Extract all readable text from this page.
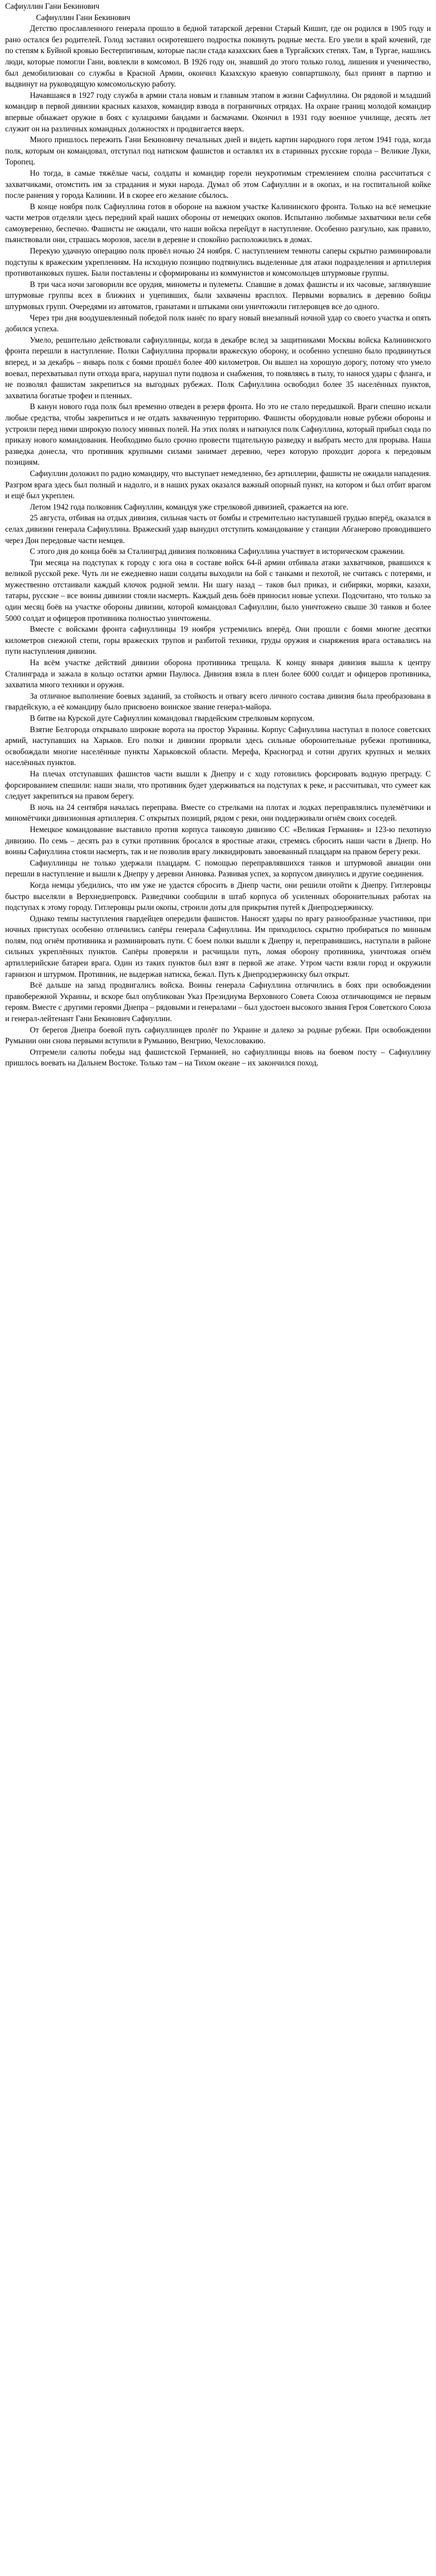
Сафиуллин Гани Бекинович
Сафиуллин Гани Бекинович

Детство прославленного генерала прошло в бедной татарской деревни Старый Кишит, где он родился в 1905 году и рано остался без родителей. Голод заставил осиротевшего подростка покинуть родные места. Его увели в край кочевий, где по степям к Буйной кровью Бестерпигиным, которые пасли стада казахских баев в Тургайских степях. Там, в Тургае, нашлись люди, которые помогли Гани, вовлекли в комсомол. В 1926 году он, знавший до этого только голод, лишения и ученичество, был демобилизован со службы в Красной Армии, окончил Казахскую краевую совпартшколу, был принят в партию и выдвинут на руководящую комсомольскую работу.

Начавшаяся в 1927 году служба в армии стала новым и главным этапом в жизни Сафиуллина. Он рядовой и младший командир в первой дивизии красных казахов, командир взвода в пограничных отрядах. На охране границ молодой командир впервые обнажает оружие в боях с кулацкими бандами и басмачами. Окончил в 1931 году военное училище, десять лет служит он на различных командных должностях и продвигается вверх.

Много пришлось пережить Гани Бекиновичу печальных дней и видеть картин народного горя летом 1941 года, когда полк, которым он командовал, отступал под натиском фашистов и оставлял их в старинных русские города – Великие Луки, Торопец.

Но тогда, в самые тяжёлые часы, солдаты и командир горели неукротимым стремлением сполна рассчитаться с захватчиками, отомстить им за страдания и муки народа. Думал об этом Сафиуллин и в окопах, и на госпитальной койке после ранения у города Калинин. И в скорее его желание сбылось.

В конце ноября полк Сафиуллина готов в обороне на важном участке Калининского фронта. Только на всё немецкие части метров отделяли здесь передний край наших обороны от немецких окопов. Испытанно любимые захватчики вели себя самоуверенно, беспечно. Фашисты не ожидали, что наши войска перейдут в наступление. Особенно разгульно, как правило, пьянствовали они, страшась морозов, засели в деревне и спокойно расположились в домах.

Перекую удачную операцию полк провёл ночью 24 ноября. С наступлением темноты саперы скрытно разминировали подступы к вражеским укреплениям. На исходную позицию подтянулись выделенные для атаки подразделения и артиллерия противотанковых пушек. Были поставлены и сформированы из коммунистов и комсомольцев штурмовые группы.

В три часа ночи заговорили все орудия, минометы и пулеметы. Спавшие в домах фашисты и их часовые, заглянувшие штурмовые группы всех в ближних и уцепивших, были захвачены врасплох. Первыми ворвались в деревню бойцы штурмовых групп. Очередями из автоматов, гранатами и штыками они уничтожили гитлеровцев все до одного.

Через три дня воодушевленный победой полк нанёс по врагу новый внезапный ночной удар со своего участка и опять добился успеха.

Умело, решительно действовали сафиуллинцы, когда в декабре вслед за защитниками Москвы войска Калининского фронта перешли в наступление. Полки Сафиуллина прорвали вражескую оборону, и особенно успешно было продвинуться вперед, и за декабрь – январь полк с боями прошёл более 400 километров. Он вышел на хорошую дорогу, потому что умело воевал, перехватывал пути отхода врага, нарушал пути подвоза и снабжения, то появляясь в тылу, то нанося удары с фланга, и не позволял фашистам закрепиться на выгодных рубежах. Полк Сафиуллина освободил более 35 населённых пунктов, захватила богатые трофеи и пленных.

В канун нового года полк был временно отведен в резерв фронта. Но это не стало передышкой. Враги спешно искали любые средства, чтобы закрепиться и не отдать захваченную территорию. Фашисты оборудовали новые рубежи обороны и устроили перед ними широкую полосу минных полей. На этих полях и наткнулся полк Сафиуллина, который прибыл сюда по приказу нового командования. Необходимо было срочно провести тщательную разведку и выбрать место для прорыва. Наша разведка донесла, что противник крупными силами занимает деревню, через которую проходит дорога к передовым позициям.

Сафиуллин доложил по радио командиру, что выступает немедленно, без артиллерии, фашисты не ожидали нападения. Разгром врага здесь был полный и надолго, и в наших руках оказался важный опорный пункт, на котором и был отбит врагом и ещё был укреплен.

Летом 1942 года полковник Сафиуллин, командуя уже стрелковой дивизией, сражается на юге.

25 августа, отбивая на отдых дивизия, сильная часть от бомбы и стремительно наступавшей грудью вперёд, оказался в селах дивизии генерала Сафиуллина. Вражеский удар вынудил отступить командование у станции Абганерово проводившего через Дон передовые части немцев.

С этого дня до конца боёв за Сталинград дивизия полковника Сафиуллина участвует в историческом сражении.

Три месяца на подступах к городу с юга она в составе войск 64-й армии отбивала атаки захватчиков, рвавшихся к великой русской реке. Чуть ли не ежедневно наши солдаты выходили на бой с танками и пехотой, не считаясь с потерями, и мужественно отстаивали каждый клочок родной земли. Ни шагу назад – таков был приказ, и сибиряки, моряки, казахи, татары, русские – все воины дивизии стояли насмерть. Каждый день боёв приносил новые успехи. Подсчитано, что только за один месяц боёв на участке обороны дивизии, которой командовал Сафиуллин, было уничтожено свыше 30 танков и более 5000 солдат и офицеров противника полностью уничтожены.

Вместе с войсками фронта сафиуллинцы 19 ноября устремились вперёд. Они прошли с боями многие десятки километров снежной степи, горы вражеских трупов и разбитой техники, груды оружия и снаряжения врага оставались на пути наступления дивизии.

На всём участке действий дивизии оборона противника трещала. К концу января дивизия вышла к центру Сталинграда и зажала в кольцо остатки армии Паулюса. Дивизия взяла в плен более 6000 солдат и офицеров противника, захватила много техники и оружия.

За отличное выполнение боевых заданий, за стойкость и отвагу всего личного состава дивизия была преобразована в гвардейскую, а её командиру было присвоено воинское звание генерал-майора.

В битве на Курской дуге Сафиуллин командовал гвардейским стрелковым корпусом.

Взятие Белгорода открывало широкие ворота на простор Украины. Корпус Сафиуллина наступал в полосе советских армий, наступавших на Харьков. Его полки и дивизии прорвали здесь сильные оборонительные рубежи противника, освобождали многие населённые пункты Харьковской области. Мерефа, Красноград и сотни других крупных и мелких населённых пунктов.

На плечах отступавших фашистов части вышли к Днепру и с ходу готовились форсировать водную преграду. С форсированием спешили: наши знали, что противник будет удерживаться на подступах к реке, и рассчитывал, что сумеет как следует закрепиться на правом берегу.

В ночь на 24 сентября началась переправа. Вместе со стрелками на плотах и лодках переправлялись пулемётчики и миномётчики дивизионная артиллерия. С открытых позиций, рядом с реки, они поддерживали огнём своих соседей.

Немецкое командование выставило против корпуса танковую дивизию СС «Великая Германия» и 123-ю пехотную дивизию. По семь – десять раз в сутки противник бросался в яростные атаки, стремясь сбросить наши части в Днепр. Но воины Сафиуллина стояли насмерть, так и не позволив врагу ликвидировать завоеванный плацдарм на правом берегу реки.

Сафиуллинцы не только удержали плацдарм. С помощью переправлявшихся танков и штурмовой авиации они перешли в наступление и вышли к Днепру у деревни Анновка. Развивая успех, за корпусом двинулись и другие соединения.

Когда немцы убедились, что им уже не удастся сбросить в Днепр части, они решили отойти к Днепру. Гитлеровцы быстро выселяли в Верхнеднепровск. Разведчики сообщили в штаб корпуса об усиленных оборонительных работах на подступах к этому городу. Гитлеровцы рыли окопы, строили доты для прикрытия путей к Днепродзержинску.

Однако темпы наступления гвардейцев опередили фашистов. Наносят удары по врагу разнообразные участники, при ночных приступах особенно отличились сапёры генерала Сафиуллина. Им приходилось скрытно пробираться по минным полям, под огнём противника и разминировать пути. С боем полки вышли к Днепру и, переправившись, наступали в районе сильных укреплённых пунктов. Сапёры проверяли и расчищали путь, ломая оборону противника, уничтожая огнём артиллерийские батареи врага. Один из таких пунктов был взят в первой же атаке. Утром части взяли город и окружили гарнизон и штурмом. Противник, не выдержав натиска, бежал. Путь к Днепродзержинску был открыт.

Всё дальше на запад продвигались войска. Воины генерала Сафиуллина отличились в боях при освобождении правобережной Украины, и вскоре был опубликован Указ Президиума Верховного Совета Союза отличающимся не первым героям. Вместе с другими героями Днепра – рядовыми и генералами – был удостоен высокого звания Героя Советского Союза и генерал-лейтенант Гани Бекинович Сафиуллин.

От берегов Днепра боевой путь сафиуллинцев пролёг по Украине и далеко за родные рубежи. При освобождении Румынии они снова первыми вступили в Румынию, Венгрию, Чехословакию.

Отгремели салюты победы над фашистской Германией, но сафиуллинцы вновь на боевом посту – Сафиуллину пришлось воевать на Дальнем Востоке. Только там – на Тихом океане – их закончился поход.
